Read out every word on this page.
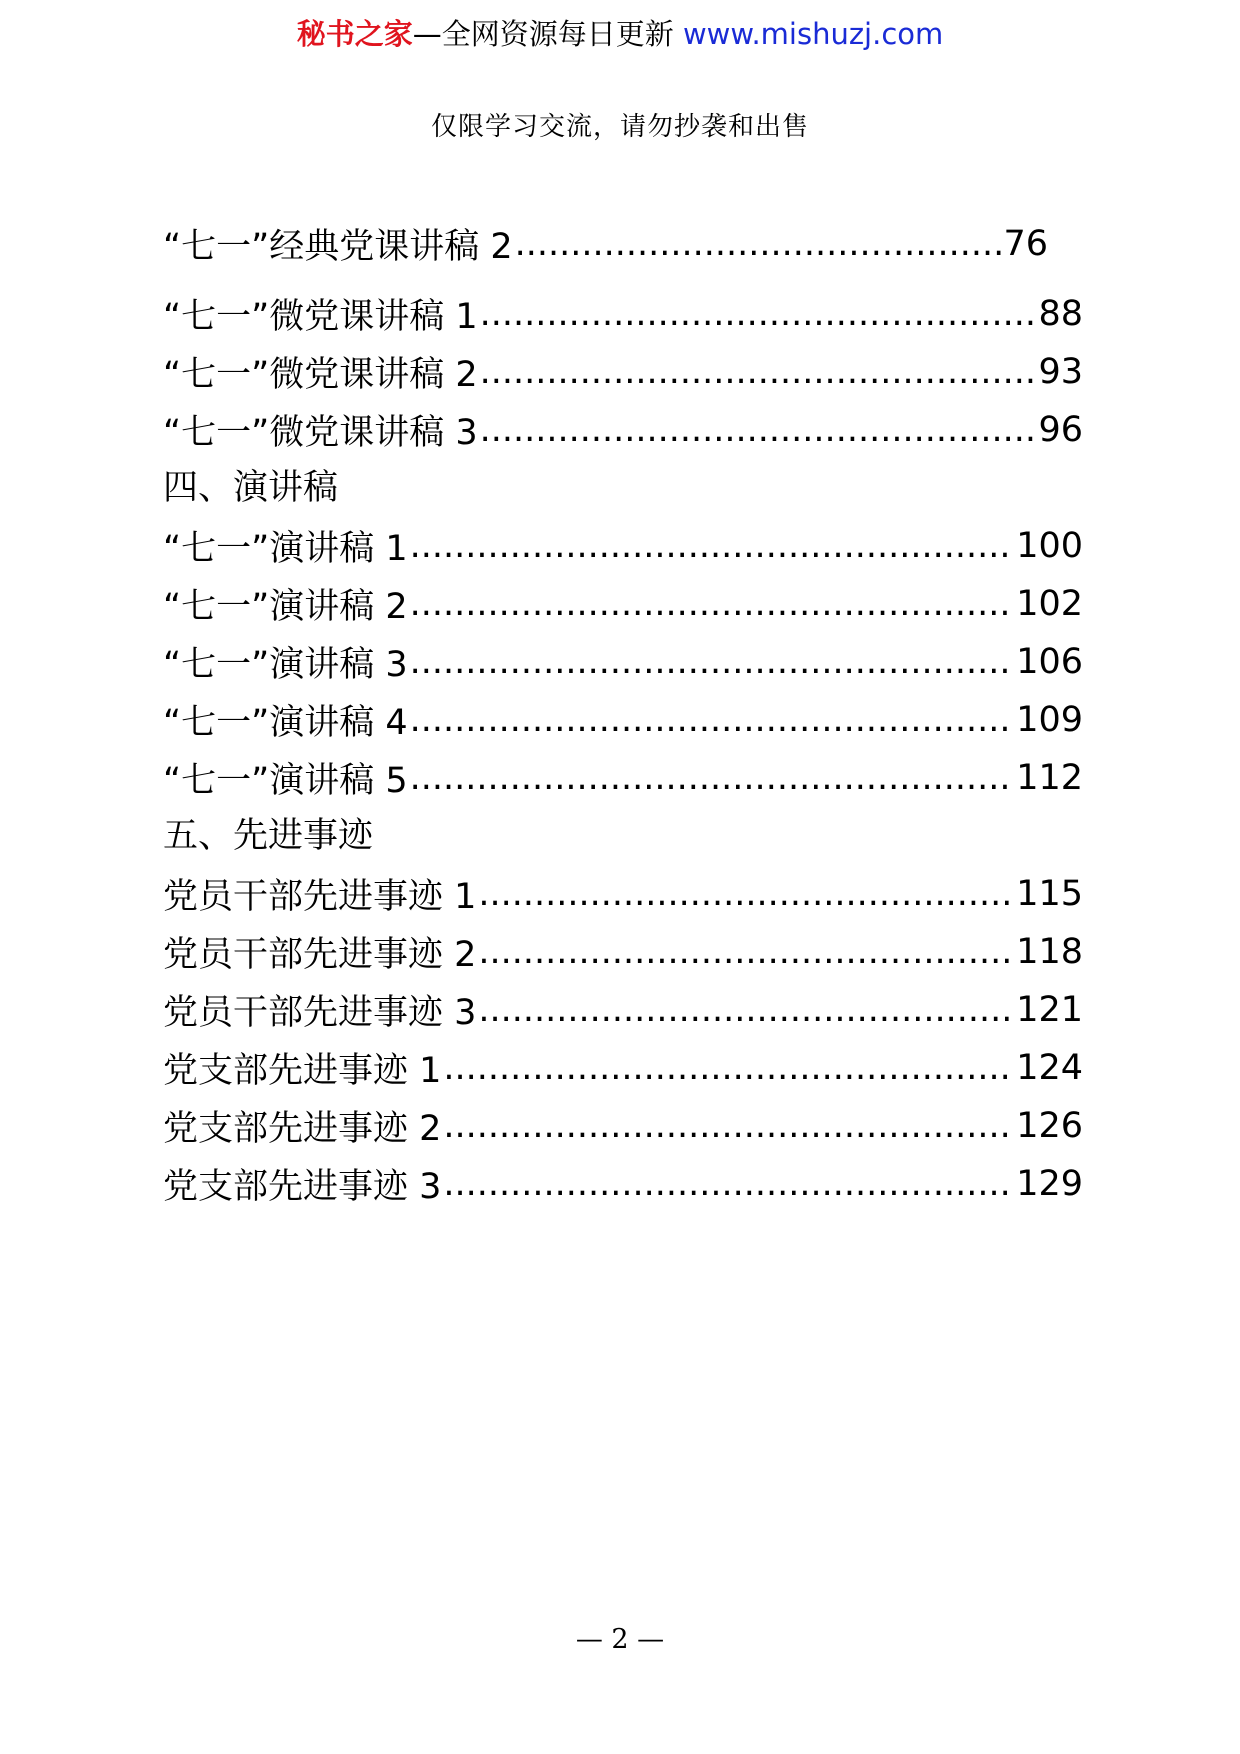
秘书之家—全网资源每日更新 www.mishuzj.com
仅限学习交流，请勿抄袭和出售
“七一”经典党课讲稿 2 .....	76
“七一”微党课讲稿 1 .....	88
“七一”微党课讲稿 2 .....	93
“七一”微党课讲稿 3 .....	96
四、演讲稿
“七一”演讲稿 1 .....	100
“七一”演讲稿 2 .....	102
“七一”演讲稿 3 .....	106
“七一”演讲稿 4 .....	109
“七一”演讲稿 5 .....	112
五、先进事迹
党员干部先进事迹 1 .....	115
党员干部先进事迹 2 .....	118
党员干部先进事迹 3 .....	121
党支部先进事迹 1 .....	124
党支部先进事迹 2 .....	126
党支部先进事迹 3 .....	129
— 2 —
